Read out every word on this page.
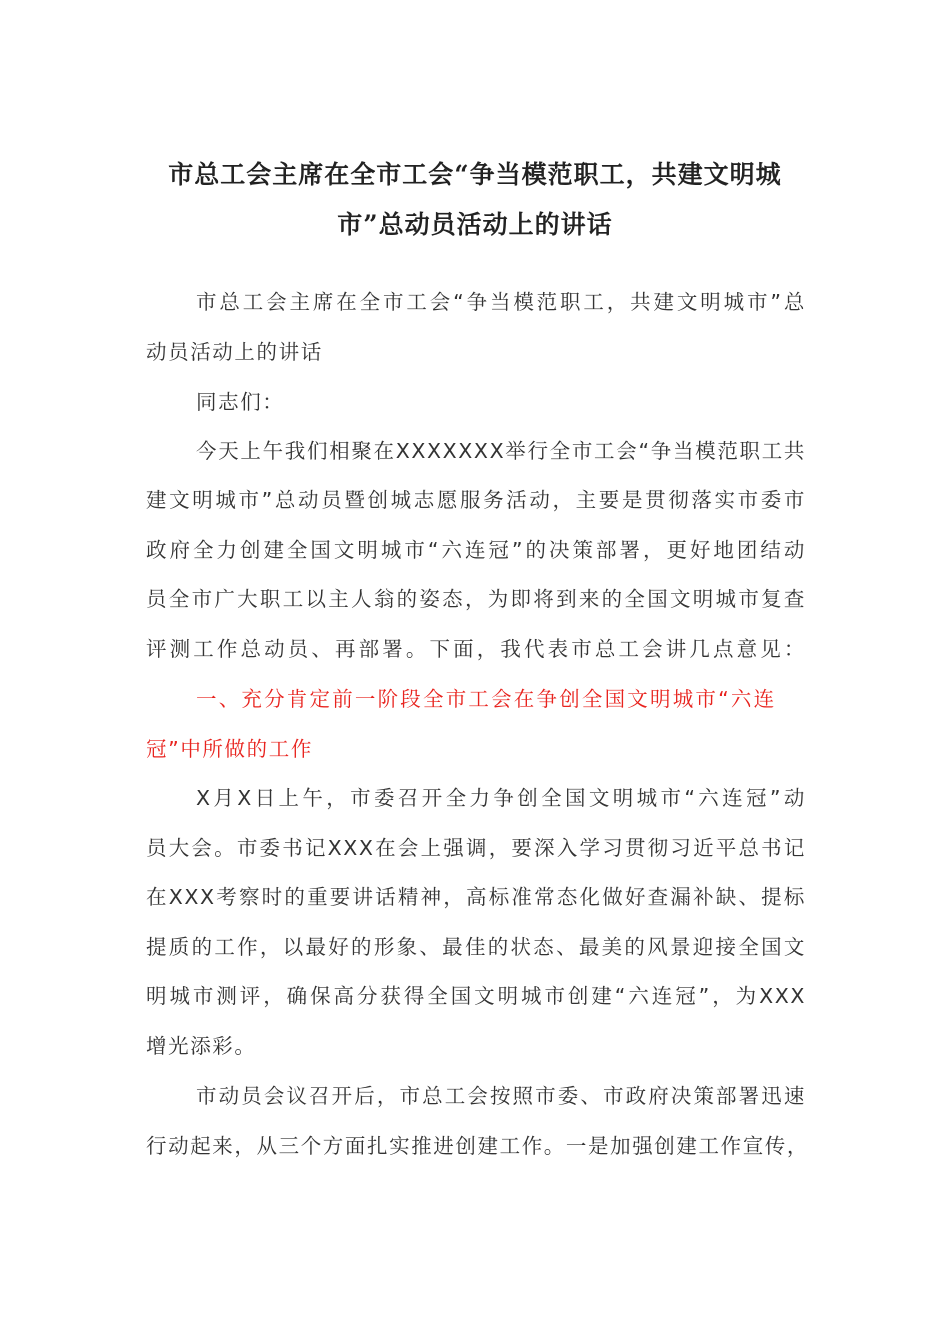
市总工会主席在全市工会“争当模范职工，共建文明城
市”总动员活动上的讲话
市总工会主席在全市工会“争当模范职工，共建文明城市”总
动员活动上的讲话
同志们：
今天上午我们相聚在XXXXXXX举行全市工会“争当模范职工共
建文明城市”总动员暨创城志愿服务活动，主要是贯彻落实市委市
政府全力创建全国文明城市“六连冠”的决策部署，更好地团结动
员全市广大职工以主人翁的姿态，为即将到来的全国文明城市复查
评测工作总动员、再部署。下面，我代表市总工会讲几点意见：
一、充分肯定前一阶段全市工会在争创全国文明城市“六连
冠”中所做的工作
X月X日上午，市委召开全力争创全国文明城市“六连冠”动
员大会。市委书记XXX在会上强调，要深入学习贯彻习近平总书记
在XXX考察时的重要讲话精神，高标准常态化做好查漏补缺、提标
提质的工作，以最好的形象、最佳的状态、最美的风景迎接全国文
明城市测评，确保高分获得全国文明城市创建“六连冠”，为XXX
增光添彩。
市动员会议召开后，市总工会按照市委、市政府决策部署迅速
行动起来，从三个方面扎实推进创建工作。一是加强创建工作宣传，
